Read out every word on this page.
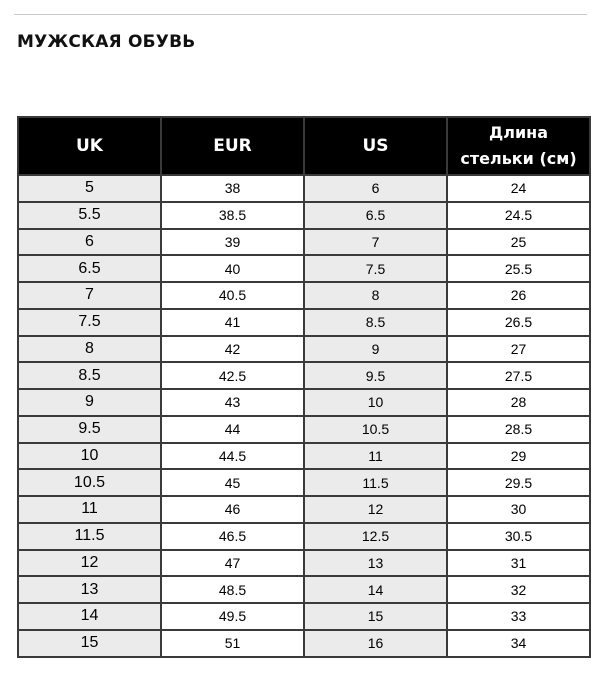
МУЖСКАЯ ОБУВЬ
UK	EUR	US	Длина стельки (см)
5	38	6	24
5.5	38.5	6.5	24.5
6	39	7	25
6.5	40	7.5	25.5
7	40.5	8	26
7.5	41	8.5	26.5
8	42	9	27
8.5	42.5	9.5	27.5
9	43	10	28
9.5	44	10.5	28.5
10	44.5	11	29
10.5	45	11.5	29.5
11	46	12	30
11.5	46.5	12.5	30.5
12	47	13	31
13	48.5	14	32
14	49.5	15	33
15	51	16	34
